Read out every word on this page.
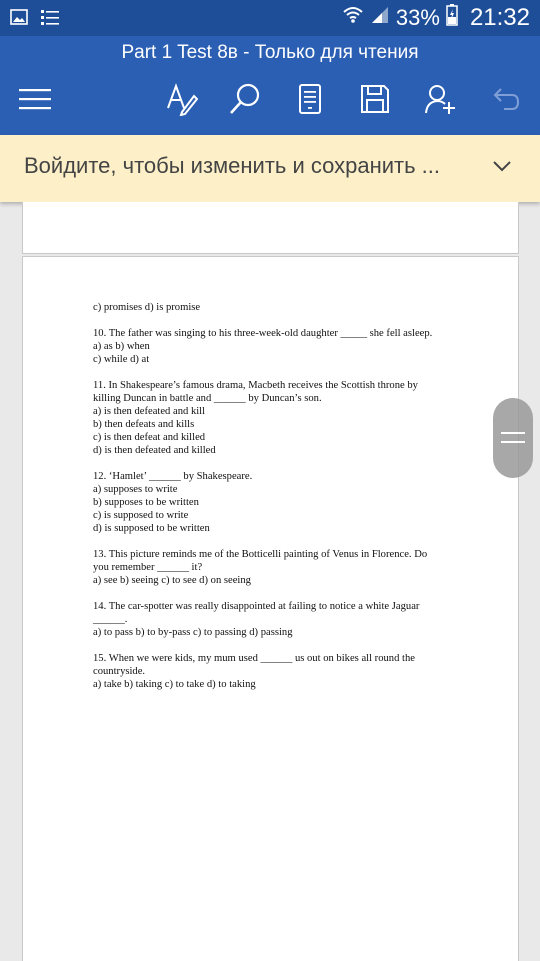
33% 21:32
Part 1 Test 8в - Только для чтения
Войдите, чтобы изменить и сохранить ...

c) promises d) is promise

10. The father was singing to his three-week-old daughter _____ she fell asleep.

a) as b) when

c) while d) at

11. In Shakespeare’s famous drama, Macbeth receives the Scottish throne by

killing Duncan in battle and ______ by Duncan’s son.

a) is then defeated and kill

b) then defeats and kills

c) is then defeat and killed

d) is then defeated and killed

12. ‘Hamlet’ ______ by Shakespeare.

a) supposes to write

b) supposes to be written

c) is supposed to write

d) is supposed to be written

13. This picture reminds me of the Botticelli painting of Venus in Florence. Do

you remember ______ it?

a) see b) seeing c) to see d) on seeing

14. The car-spotter was really disappointed at failing to notice a white Jaguar

______.

a) to pass b) to by-pass c) to passing d) passing

15. When we were kids, my mum used ______ us out on bikes all round the

countryside.

a) take b) taking c) to take d) to taking
